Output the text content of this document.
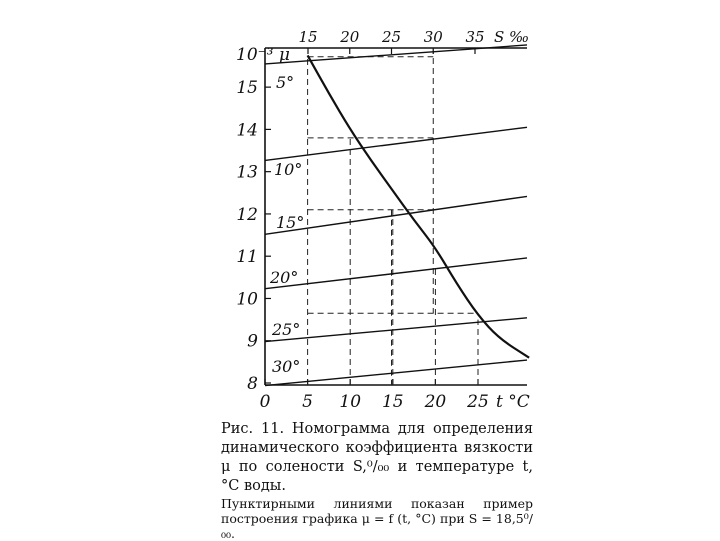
8
9
10
11
12
13
14
15
10⁻³ μ
0 5 10 15 20 25 t °C
15 20 25 30 35 S ‰
5°
10°
15°
20°
25°
30°

Рис. 11. Номограмма для определения динамического коэффициента вязкости μ по солености S,⁰/₀₀ и температуре t, °С воды.

Пунктирными линиями показан пример построения графика μ = f (t, °C) при S = 18,5⁰/₀₀.
